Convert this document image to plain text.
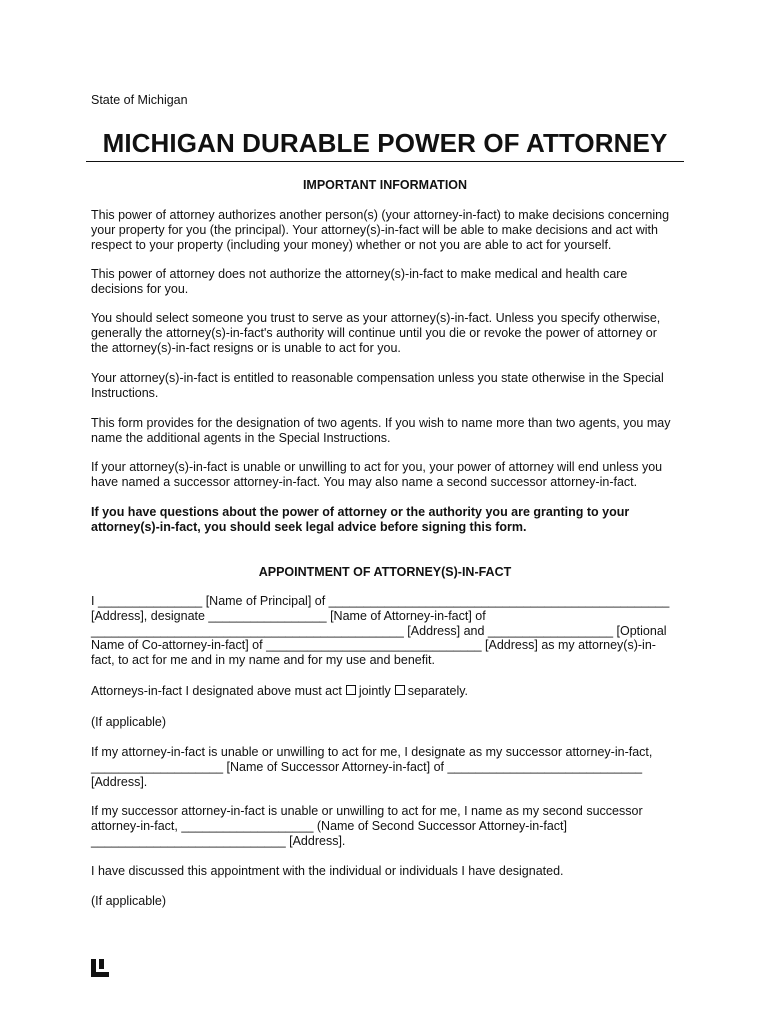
State of Michigan
MICHIGAN DURABLE POWER OF ATTORNEY
IMPORTANT INFORMATION

This power of attorney authorizes another person(s) (your attorney-in-fact) to make decisions concerning
your property for you (the principal). Your attorney(s)-in-fact will be able to make decisions and act with
respect to your property (including your money) whether or not you are able to act for yourself.

This power of attorney does not authorize the attorney(s)-in-fact to make medical and health care
decisions for you.

You should select someone you trust to serve as your attorney(s)-in-fact. Unless you specify otherwise,
generally the attorney(s)-in-fact's authority will continue until you die or revoke the power of attorney or
the attorney(s)-in-fact resigns or is unable to act for you.

Your attorney(s)-in-fact is entitled to reasonable compensation unless you state otherwise in the Special
Instructions.

This form provides for the designation of two agents. If you wish to name more than two agents, you may
name the additional agents in the Special Instructions.

If your attorney(s)-in-fact is unable or unwilling to act for you, your power of attorney will end unless you
have named a successor attorney-in-fact. You may also name a second successor attorney-in-fact.

If you have questions about the power of attorney or the authority you are granting to your
attorney(s)-in-fact, you should seek legal advice before signing this form.

APPOINTMENT OF ATTORNEY(S)-IN-FACT

I _______________ [Name of Principal] of _________________________________________________
[Address], designate _________________ [Name of Attorney-in-fact] of
_____________________________________________ [Address] and __________________ [Optional
Name of Co-attorney-in-fact] of _______________________________ [Address] as my attorney(s)-in-
fact, to act for me and in my name and for my use and benefit.

Attorneys-in-fact I designated above must act jointly separately.

(If applicable)

If my attorney-in-fact is unable or unwilling to act for me, I designate as my successor attorney-in-fact,
___________________ [Name of Successor Attorney-in-fact] of ____________________________
[Address].

If my successor attorney-in-fact is unable or unwilling to act for me, I name as my second successor
attorney-in-fact, ___________________ (Name of Second Successor Attorney-in-fact]
____________________________ [Address].

I have discussed this appointment with the individual or individuals I have designated.

(If applicable)
